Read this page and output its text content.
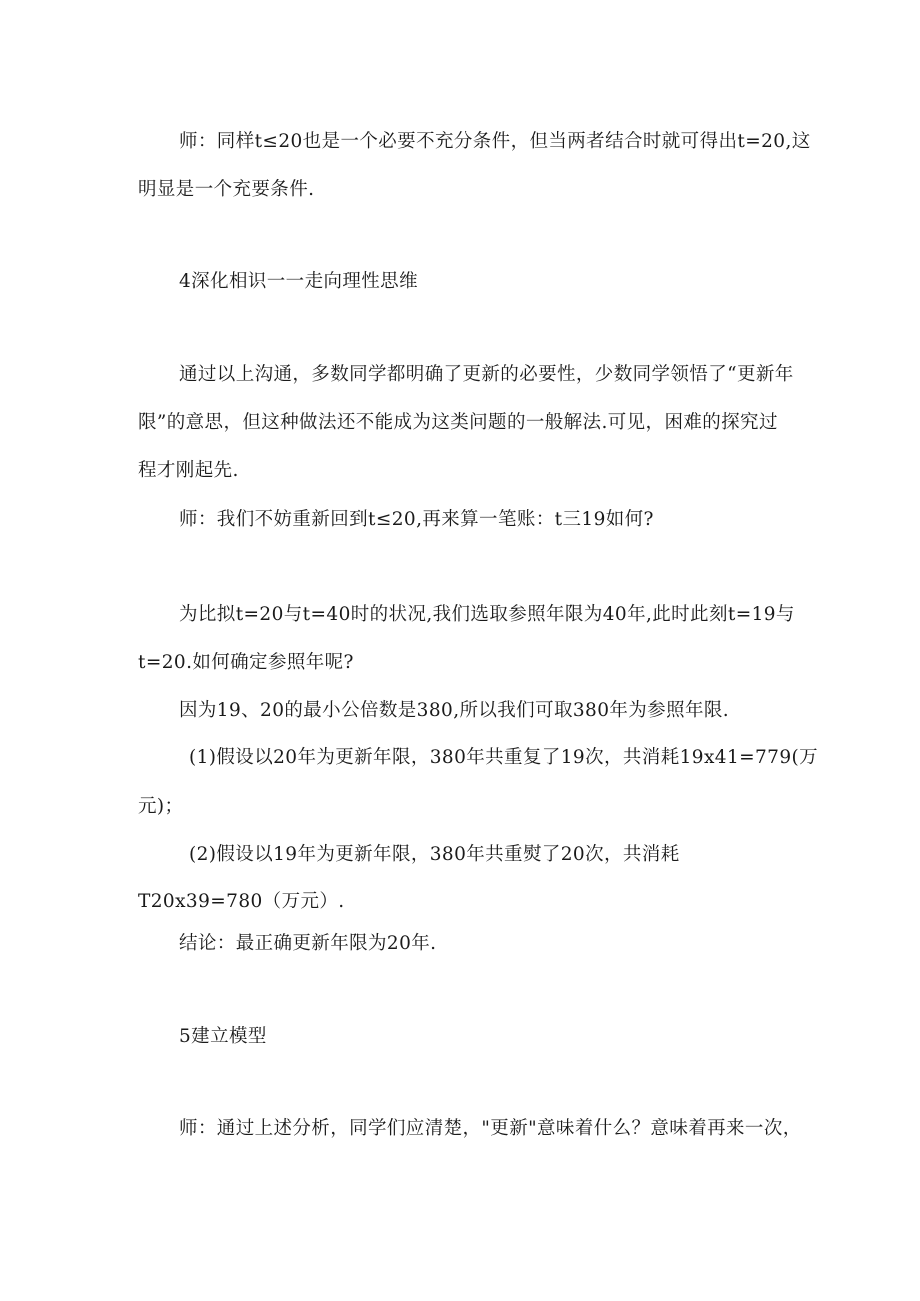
师：同样t≤20也是一个必要不充分条件，但当两者结合时就可得出t=20,这

明显是一个充要条件.

4深化相识一一走向理性思维

通过以上沟通，多数同学都明确了更新的必要性，少数同学领悟了“更新年

限”的意思，但这种做法还不能成为这类问题的一般解法.可见，困难的探究过

程才刚起先.

师：我们不妨重新回到t≤20,再来算一笔账：t三19如何?

为比拟t=20与t=40时的状况,我们选取参照年限为40年,此时此刻t=19与

t=20.如何确定参照年呢?

因为19、20的最小公倍数是380,所以我们可取380年为参照年限.

(1)假设以20年为更新年限，380年共重复了19次，共消耗19x41=779(万

元)；

(2)假设以19年为更新年限，380年共重熨了20次，共消耗

T20x39=780（万元）.

结论：最正确更新年限为20年.

5建立模型

师：通过上述分析，同学们应清楚，"更新"意味着什么？意味着再来一次，
